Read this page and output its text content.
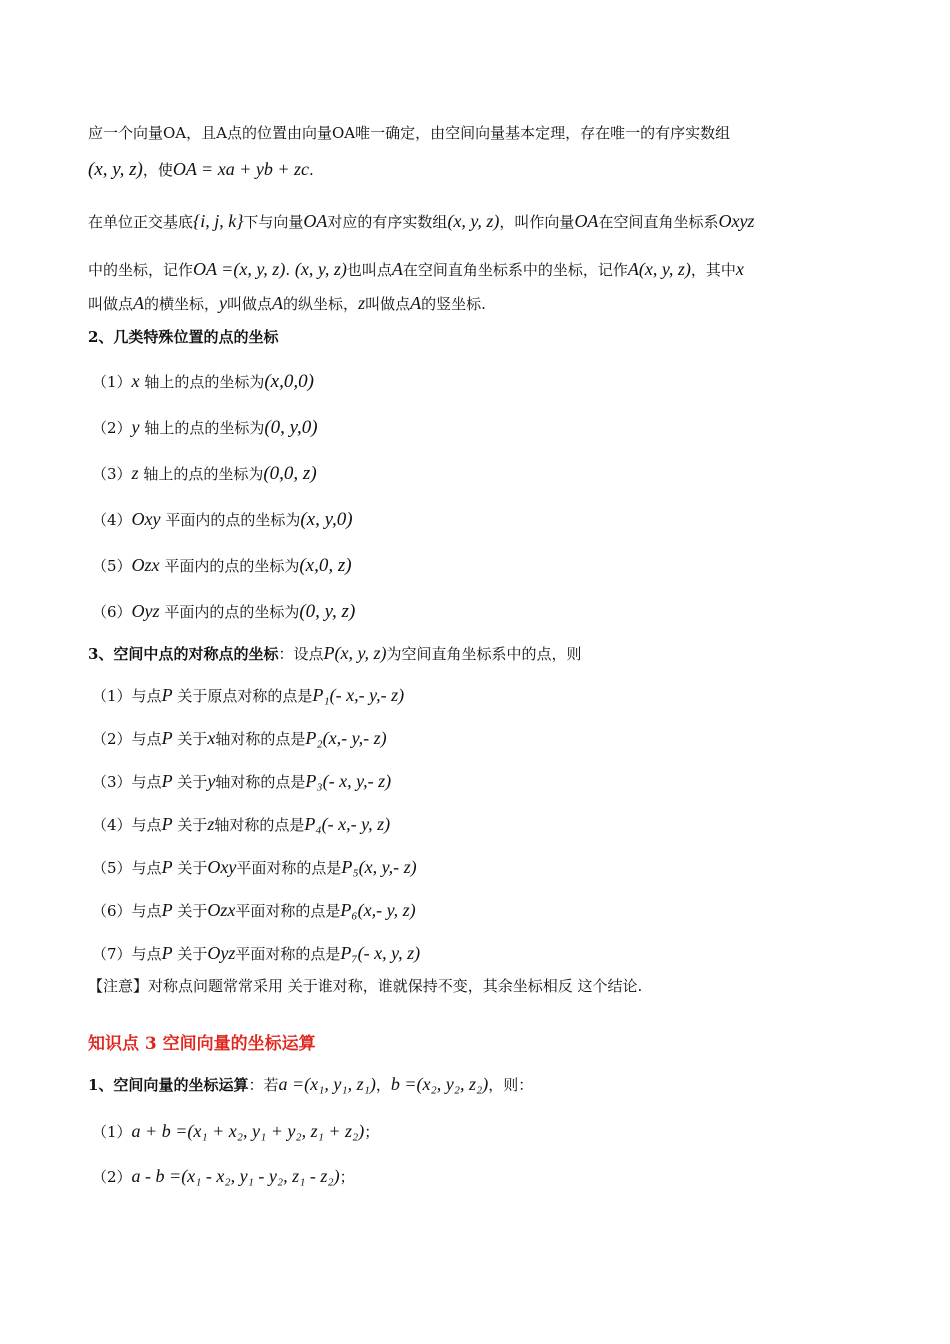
应一个向量OA，且A点的位置由向量OA唯一确定，由空间向量基本定理，存在唯一的有序实数组
(x, y, z)，使OA = xa + yb + zc.
在单位正交基底{i, j, k}下与向量OA对应的有序实数组(x, y, z)，叫作向量OA在空间直角坐标系Oxyz
中的坐标，记作OA =(x, y, z). (x, y, z)也叫点A在空间直角坐标系中的坐标，记作A(x, y, z)，其中x
叫做点A的横坐标，y叫做点A的纵坐标，z叫做点A的竖坐标.
2、几类特殊位置的点的坐标
（1）x 轴上的点的坐标为(x,0,0)
（2）y 轴上的点的坐标为(0, y,0)
（3）z 轴上的点的坐标为(0,0, z)
（4）Oxy 平面内的点的坐标为(x, y,0)
（5）Ozx 平面内的点的坐标为(x,0, z)
（6）Oyz 平面内的点的坐标为(0, y, z)
3、空间中点的对称点的坐标：设点P(x, y, z)为空间直角坐标系中的点，则
（1）与点P 关于原点对称的点是P₁(- x,- y,- z)
（2）与点P 关于x轴对称的点是P₂(x,- y,- z)
（3）与点P 关于y轴对称的点是P₃(- x, y,- z)
（4）与点P 关于z轴对称的点是P₄(- x,- y, z)
（5）与点P 关于Oxy平面对称的点是P₅(x, y,- z)
（6）与点P 关于Ozx平面对称的点是P₆(x,- y, z)
（7）与点P 关于Oyz平面对称的点是P₇(- x, y, z)
【注意】对称点问题常常采用 关于谁对称，谁就保持不变，其余坐标相反 这个结论.
知识点 3 空间向量的坐标运算
1、空间向量的坐标运算：若a =(x₁, y₁, z₁)，b =(x₂, y₂, z₂)，则：
（1）a + b =(x₁ + x₂, y₁ + y₂, z₁ + z₂)；
（2）a - b =(x₁ - x₂, y₁ - y₂, z₁ - z₂)；
